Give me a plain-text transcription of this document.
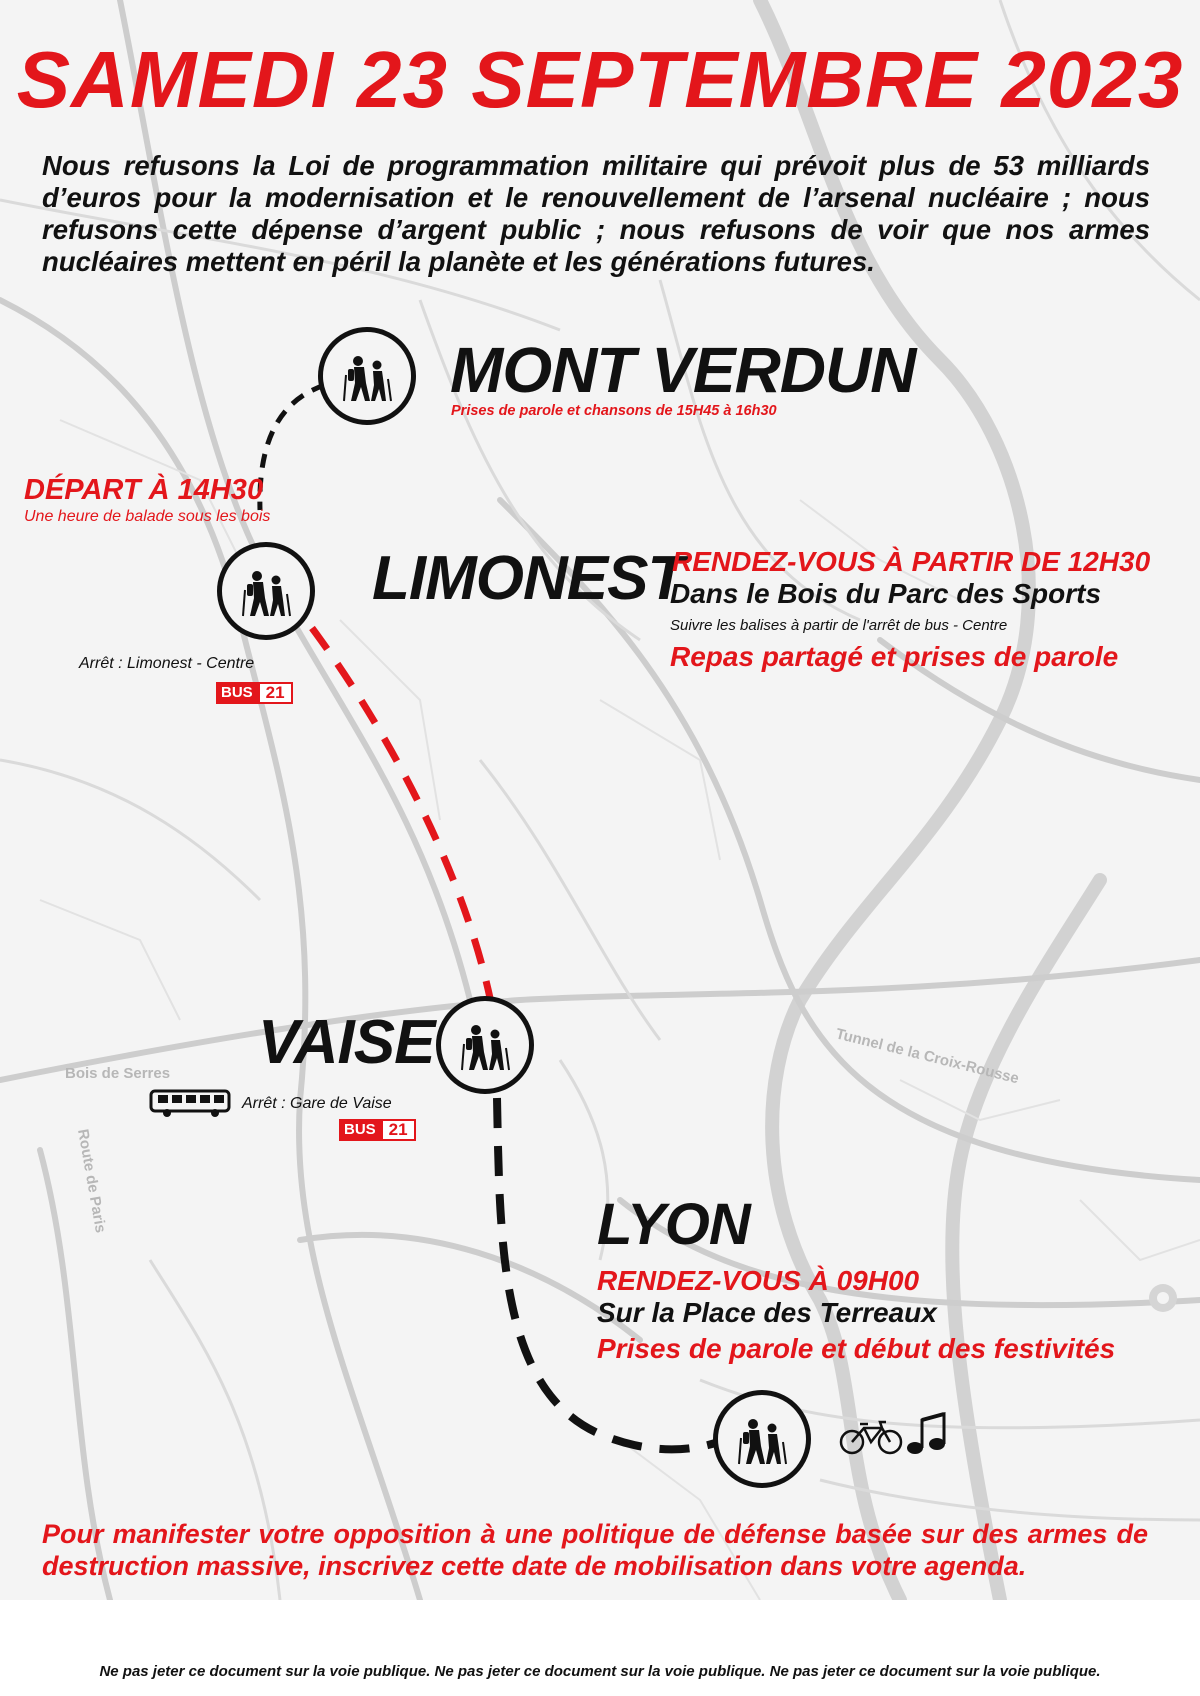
Bois de Serres
Route de Paris
Tunnel de la Croix-Rousse
SAMEDI 23 SEPTEMBRE 2023
Nous refusons la Loi de programmation militaire qui prévoit plus de 53 milliards d’euros pour la modernisation et le renouvellement de l’arsenal nucléaire ; nous refusons cette dépense d’argent public ; nous refusons de voir que nos armes nucléaires mettent en péril la planète et les générations futures.
MONT VERDUN
Prises de parole et chansons de 15H45 à 16h30
DÉPART À 14H30
Une heure de balade sous les bois
LIMONEST
RENDEZ-VOUS À PARTIR DE 12H30
Dans le Bois du Parc des Sports
Suivre les balises à partir de l'arrêt de bus - Centre
Repas partagé et prises de parole
Arrêt : Limonest - Centre
BUS 21
VAISE
Arrêt : Gare de Vaise
BUS 21
LYON
RENDEZ-VOUS À 09H00
Sur la Place des Terreaux
Prises de parole et début des festivités
Pour manifester votre opposition à une politique de défense basée sur des armes de destruction massive, inscrivez cette date de mobilisation dans votre agenda.
Ne pas jeter ce document sur la voie publique. Ne pas jeter ce document sur la voie publique. Ne pas jeter ce document sur la voie publique.
